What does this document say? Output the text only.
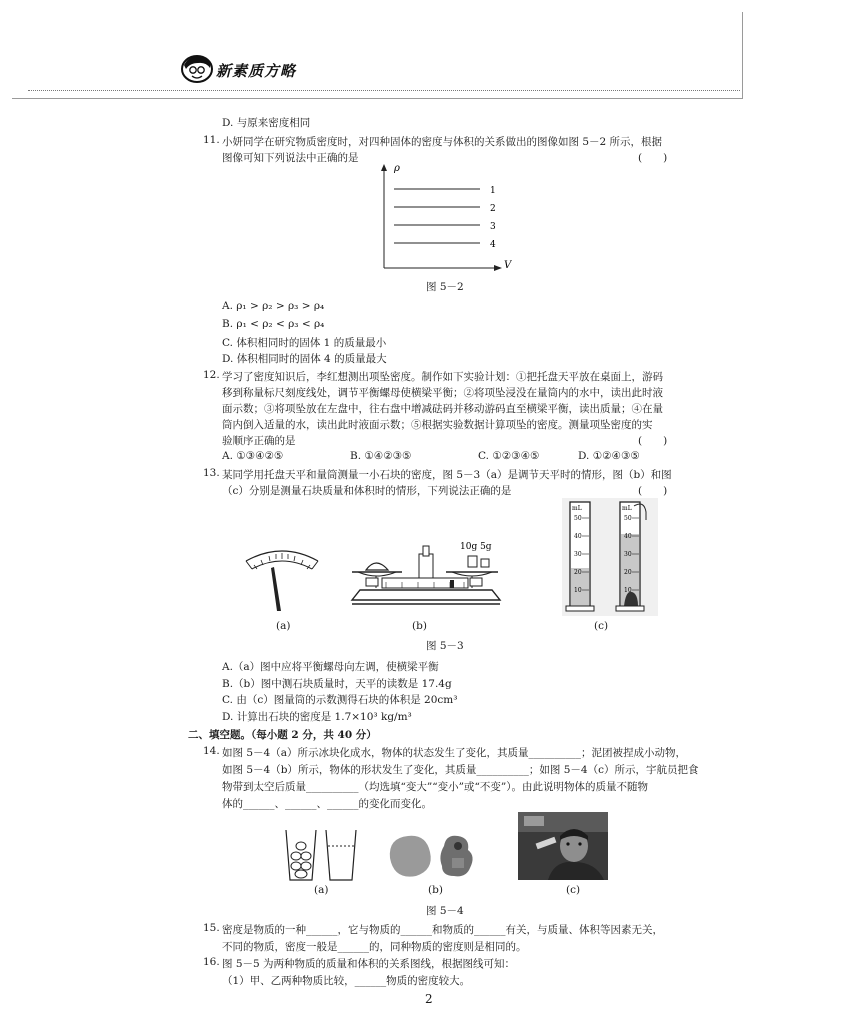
新素质方略
D. 与原来密度相同
11. 小妍同学在研究物质密度时，对四种固体的密度与体积的关系做出的图像如图 5－2 所示，根据
图像可知下列说法中正确的是	(　　)
ρ
V
1
2
3
4
图 5－2
A. ρ₁ > ρ₂ > ρ₃ > ρ₄
B. ρ₁ < ρ₂ < ρ₃ < ρ₄
C. 体积相同时的固体 1 的质量最小
D. 体积相同时的固体 4 的质量最大
12. 学习了密度知识后，李红想测出项坠密度。制作如下实验计划：①把托盘天平放在桌面上，游码
移到称量标尺刻度线处，调节平衡螺母使横梁平衡；②将项坠浸没在量筒内的水中，读出此时液
面示数；③将项坠放在左盘中，往右盘中增减砝码并移动游码直至横梁平衡，读出质量；④在量
筒内倒入适量的水，读出此时液面示数；⑤根据实验数据计算项坠的密度。测量项坠密度的实
验顺序正确的是	(　　)
A. ①③④②⑤	B. ①④②③⑤	C. ①②③④⑤	D. ①②④③⑤
13. 某同学用托盘天平和量筒测量一小石块的密度，图 5－3（a）是调节天平时的情形，图（b）和图
（c）分别是测量石块质量和体积时的情形，下列说法正确的是	(　　)
(a)
10g 5g
(b)
mL
50
40
30
20
10
mL
50
40
30
20
10
(c)
图 5－3
A.（a）图中应将平衡螺母向左调，使横梁平衡
B.（b）图中测石块质量时，天平的读数是 17.4g
C. 由（c）图量筒的示数测得石块的体积是 20cm³
D. 计算出石块的密度是 1.7×10³ kg/m³
二、填空题。（每小题 2 分，共 40 分）
14. 如图 5－4（a）所示冰块化成水，物体的状态发生了变化，其质量__________；泥团被捏成小动物，
如图 5－4（b）所示，物体的形状发生了变化，其质量__________；如图 5－4（c）所示，宇航员把食
物带到太空后质量__________（均选填“变大”“变小”或“不变”）。由此说明物体的质量不随物
体的______、______、______的变化而变化。
(a)	(b)	(c)
图 5－4
15. 密度是物质的一种______，它与物质的______和物质的______有关，与质量、体积等因素无关，
不同的物质，密度一般是______的，同种物质的密度则是相同的。
16. 图 5－5 为两种物质的质量和体积的关系图线，根据图线可知：
（1）甲、乙两种物质比较，______物质的密度较大。
2
